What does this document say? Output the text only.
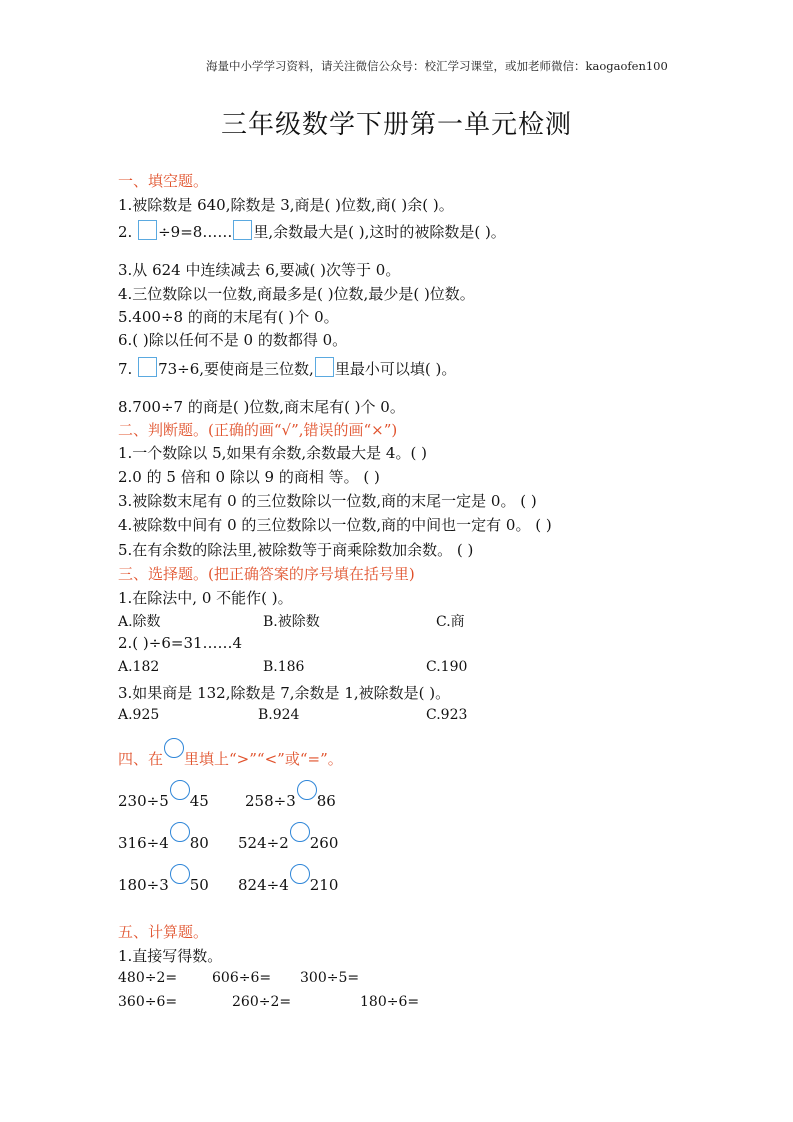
海量中小学学习资料，请关注微信公众号：校汇学习课堂，或加老师微信：kaogaofen100
三年级数学下册第一单元检测
一、填空题。
1.被除数是 640,除数是 3,商是( )位数,商( )余( )。
2. ÷9=8…… 里,余数最大是( ),这时的被除数是( )。
3.从 624 中连续减去 6,要减( )次等于 0。
4.三位数除以一位数,商最多是( )位数,最少是( )位数。
5.400÷8 的商的末尾有( )个 0。
6.( )除以任何不是 0 的数都得 0。
7. 73÷6,要使商是三位数, 里最小可以填( )。
8.700÷7 的商是( )位数,商末尾有( )个 0。
二、判断题。(正确的画“√”,错误的画“×”)
1.一个数除以 5,如果有余数,余数最大是 4。( )
2.0 的 5 倍和 0 除以 9 的商相 等。 ( )
3.被除数末尾有 0 的三位数除以一位数,商的末尾一定是 0。 ( )
4.被除数中间有 0 的三位数除以一位数,商的中间也一定有 0。 ( )
5.在有余数的除法里,被除数等于商乘除数加余数。 ( )
三、选择题。(把正确答案的序号填在括号里)
1.在除法中, 0 不能作( )。
A.除数	B.被除数	C.商
2.( )÷6=31……4
A.182	B.186	C.190
3.如果商是 132,除数是 7,余数是 1,被除数是( )。
A.925	B.924	C.923
四、在 里填上“>”“<”或“=”。
230÷5 45 258÷3 86
316÷4 80 524÷2 260
180÷3 50 824÷4 210
五、计算题。
1.直接写得数。
480÷2= 606÷6= 300÷5=
360÷6=	260÷2=	180÷6=
